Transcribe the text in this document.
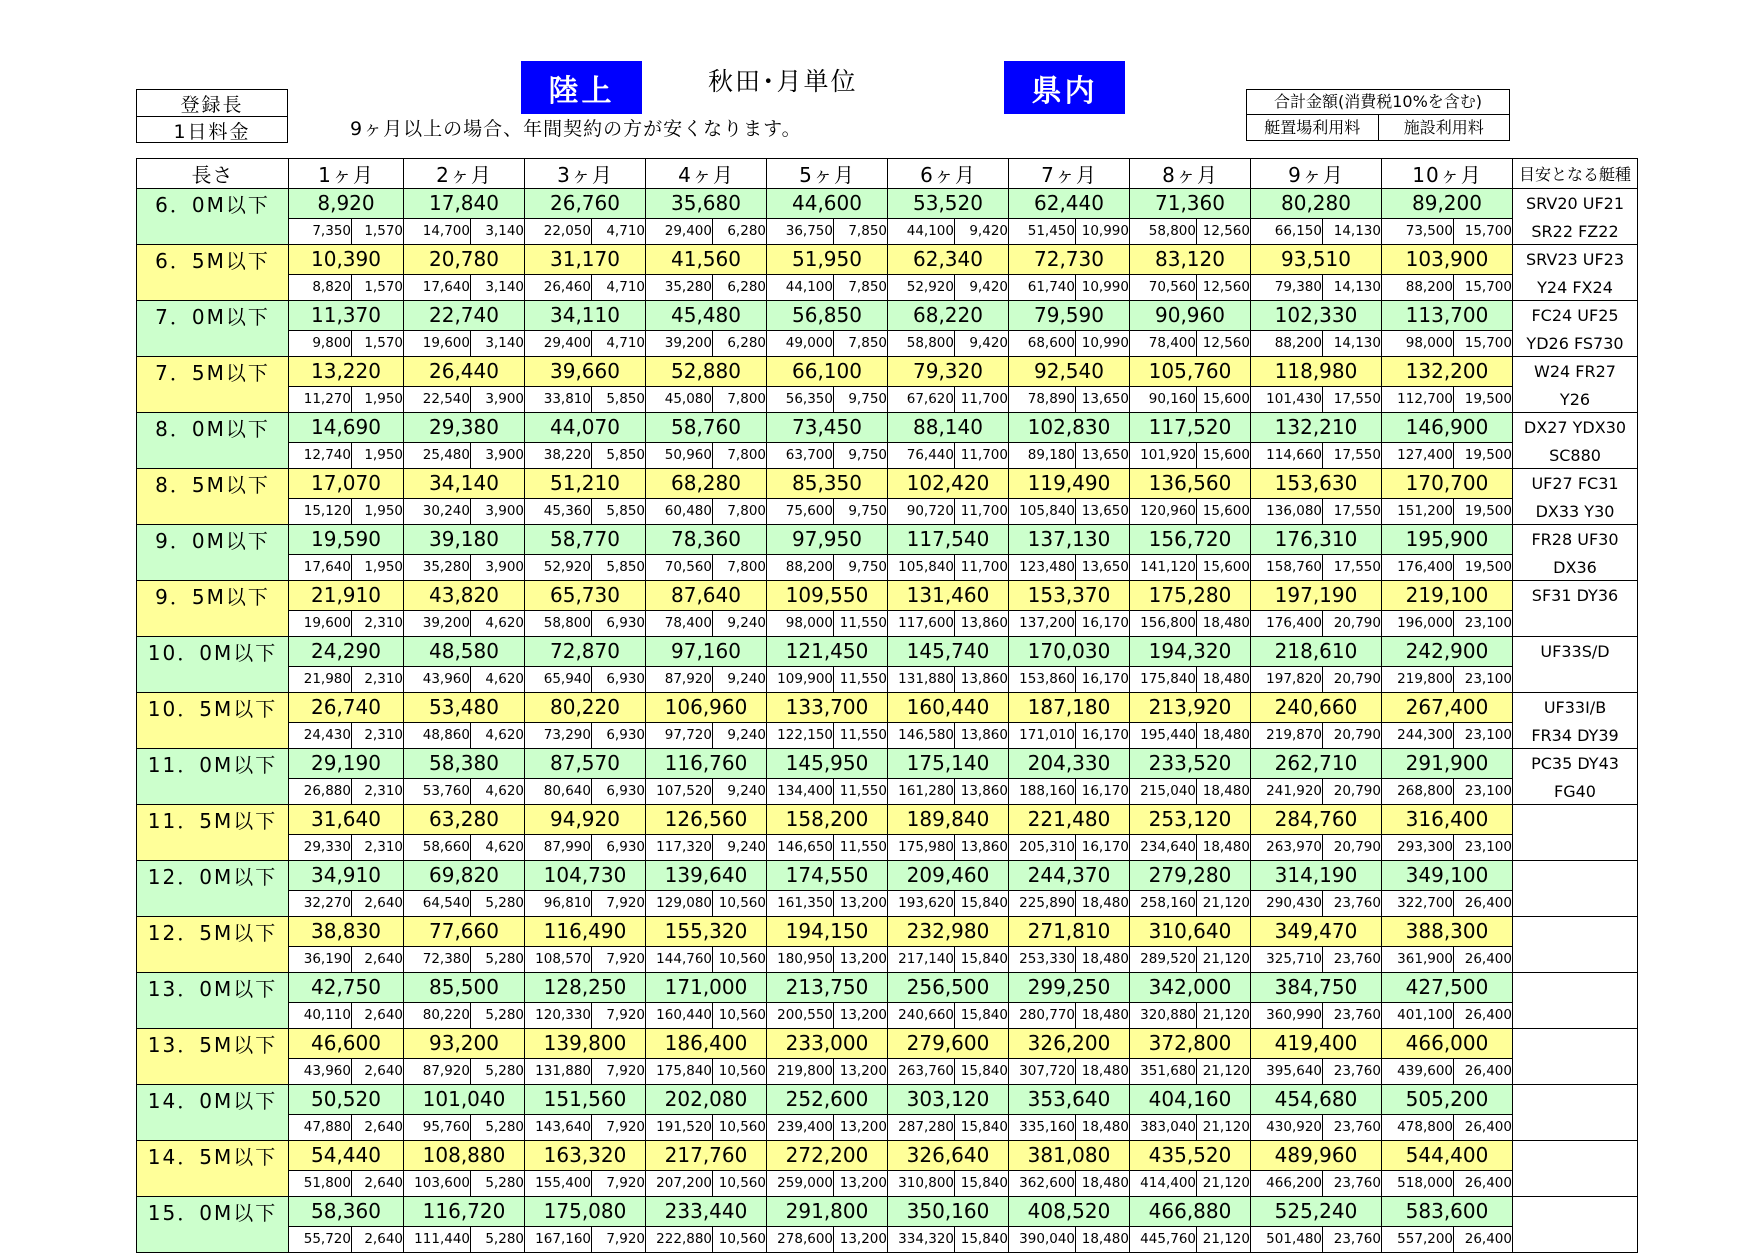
登録長
1日料金	9ヶ月以上の場合、年間契約の方が安くなります。
陸上	秋田･月単位	県内	合計金額(消費税10%を含む)
艇置場利用料	施設利用料
長さ	1ヶ月		2ヶ月		3ヶ月		4ヶ月		5ヶ月		6ヶ月		7ヶ月		8ヶ月		9ヶ月		10ヶ月		目安となる艇種
6．0M以下	8,920		17,840		26,760		35,680		44,600		53,520		62,440		71,360		80,280		89,200		SRV20 UF21
	7,350	1,570	14,700	3,140	22,050	4,710	29,400	6,280	36,750	7,850	44,100	9,420	51,450	10,990	58,800	12,560	66,150	14,130	73,500	15,700	SR22 FZ22
6．5M以下	10,390		20,780		31,170		41,560		51,950		62,340		72,730		83,120		93,510		103,900		SRV23 UF23
	8,820	1,570	17,640	3,140	26,460	4,710	35,280	6,280	44,100	7,850	52,920	9,420	61,740	10,990	70,560	12,560	79,380	14,130	88,200	15,700	Y24 FX24
7．0M以下	11,370		22,740		34,110		45,480		56,850		68,220		79,590		90,960		102,330		113,700		FC24 UF25
	9,800	1,570	19,600	3,140	29,400	4,710	39,200	6,280	49,000	7,850	58,800	9,420	68,600	10,990	78,400	12,560	88,200	14,130	98,000	15,700	YD26 FS730
7．5M以下	13,220		26,440		39,660		52,880		66,100		79,320		92,540		105,760		118,980		132,200		W24 FR27
	11,270	1,950	22,540	3,900	33,810	5,850	45,080	7,800	56,350	9,750	67,620	11,700	78,890	13,650	90,160	15,600	101,430	17,550	112,700	19,500	Y26
8．0M以下	14,690		29,380		44,070		58,760		73,450		88,140		102,830		117,520		132,210		146,900		DX27 YDX30
	12,740	1,950	25,480	3,900	38,220	5,850	50,960	7,800	63,700	9,750	76,440	11,700	89,180	13,650	101,920	15,600	114,660	17,550	127,400	19,500	SC880
8．5M以下	17,070		34,140		51,210		68,280		85,350		102,420		119,490		136,560		153,630		170,700		UF27 FC31
	15,120	1,950	30,240	3,900	45,360	5,850	60,480	7,800	75,600	9,750	90,720	11,700	105,840	13,650	120,960	15,600	136,080	17,550	151,200	19,500	DX33 Y30
9．0M以下	19,590		39,180		58,770		78,360		97,950		117,540		137,130		156,720		176,310		195,900		FR28 UF30
	17,640	1,950	35,280	3,900	52,920	5,850	70,560	7,800	88,200	9,750	105,840	11,700	123,480	13,650	141,120	15,600	158,760	17,550	176,400	19,500	DX36
9．5M以下	21,910		43,820		65,730		87,640		109,550		131,460		153,370		175,280		197,190		219,100		SF31 DY36
	19,600	2,310	39,200	4,620	58,800	6,930	78,400	9,240	98,000	11,550	117,600	13,860	137,200	16,170	156,800	18,480	176,400	20,790	196,000	23,100	
10．0M以下	24,290		48,580		72,870		97,160		121,450		145,740		170,030		194,320		218,610		242,900		UF33S/D
	21,980	2,310	43,960	4,620	65,940	6,930	87,920	9,240	109,900	11,550	131,880	13,860	153,860	16,170	175,840	18,480	197,820	20,790	219,800	23,100	
10．5M以下	26,740		53,480		80,220		106,960		133,700		160,440		187,180		213,920		240,660		267,400		UF33I/B
	24,430	2,310	48,860	4,620	73,290	6,930	97,720	9,240	122,150	11,550	146,580	13,860	171,010	16,170	195,440	18,480	219,870	20,790	244,300	23,100	FR34 DY39
11．0M以下	29,190		58,380		87,570		116,760		145,950		175,140		204,330		233,520		262,710		291,900		PC35 DY43
	26,880	2,310	53,760	4,620	80,640	6,930	107,520	9,240	134,400	11,550	161,280	13,860	188,160	16,170	215,040	18,480	241,920	20,790	268,800	23,100	FG40
11．5M以下	31,640		63,280		94,920		126,560		158,200		189,840		221,480		253,120		284,760		316,400		
	29,330	2,310	58,660	4,620	87,990	6,930	117,320	9,240	146,650	11,550	175,980	13,860	205,310	16,170	234,640	18,480	263,970	20,790	293,300	23,100	
12．0M以下	34,910		69,820		104,730		139,640		174,550		209,460		244,370		279,280		314,190		349,100		
	32,270	2,640	64,540	5,280	96,810	7,920	129,080	10,560	161,350	13,200	193,620	15,840	225,890	18,480	258,160	21,120	290,430	23,760	322,700	26,400	
12．5M以下	38,830		77,660		116,490		155,320		194,150		232,980		271,810		310,640		349,470		388,300		
	36,190	2,640	72,380	5,280	108,570	7,920	144,760	10,560	180,950	13,200	217,140	15,840	253,330	18,480	289,520	21,120	325,710	23,760	361,900	26,400	
13．0M以下	42,750		85,500		128,250		171,000		213,750		256,500		299,250		342,000		384,750		427,500		
	40,110	2,640	80,220	5,280	120,330	7,920	160,440	10,560	200,550	13,200	240,660	15,840	280,770	18,480	320,880	21,120	360,990	23,760	401,100	26,400	
13．5M以下	46,600		93,200		139,800		186,400		233,000		279,600		326,200		372,800		419,400		466,000		
	43,960	2,640	87,920	5,280	131,880	7,920	175,840	10,560	219,800	13,200	263,760	15,840	307,720	18,480	351,680	21,120	395,640	23,760	439,600	26,400	
14．0M以下	50,520		101,040		151,560		202,080		252,600		303,120		353,640		404,160		454,680		505,200		
	47,880	2,640	95,760	5,280	143,640	7,920	191,520	10,560	239,400	13,200	287,280	15,840	335,160	18,480	383,040	21,120	430,920	23,760	478,800	26,400	
14．5M以下	54,440		108,880		163,320		217,760		272,200		326,640		381,080		435,520		489,960		544,400		
	51,800	2,640	103,600	5,280	155,400	7,920	207,200	10,560	259,000	13,200	310,800	15,840	362,600	18,480	414,400	21,120	466,200	23,760	518,000	26,400	
15．0M以下	58,360		116,720		175,080		233,440		291,800		350,160		408,520		466,880		525,240		583,600		
	55,720	2,640	111,440	5,280	167,160	7,920	222,880	10,560	278,600	13,200	334,320	15,840	390,040	18,480	445,760	21,120	501,480	23,760	557,200	26,400	
